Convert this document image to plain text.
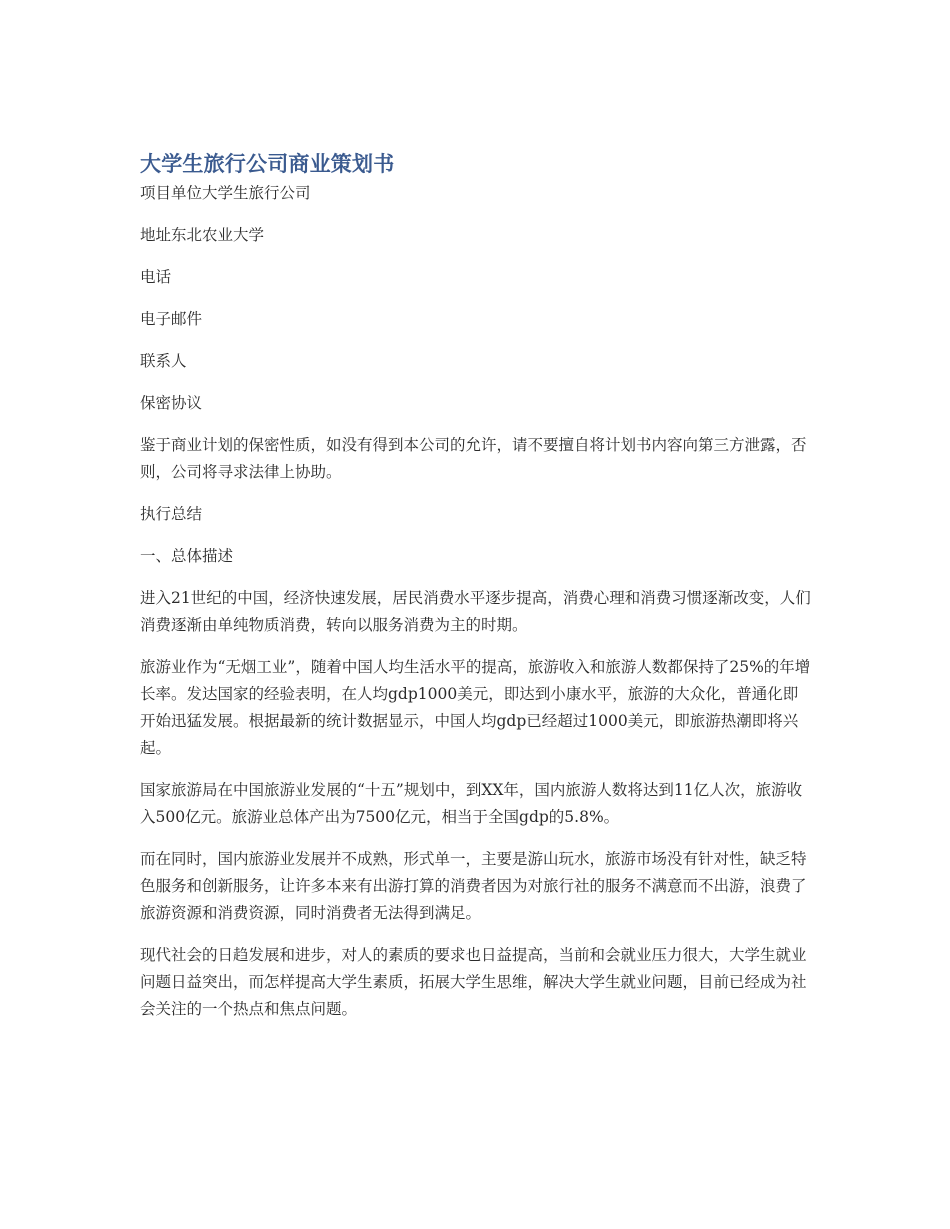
大学生旅行公司商业策划书

项目单位大学生旅行公司

地址东北农业大学

电话

电子邮件

联系人

保密协议

鉴于商业计划的保密性质，如没有得到本公司的允许，请不要擅自将计划书内容向第三方泄露，否则，公司将寻求法律上协助。

执行总结

一、总体描述

进入21世纪的中国，经济快速发展，居民消费水平逐步提高，消费心理和消费习惯逐渐改变，人们消费逐渐由单纯物质消费，转向以服务消费为主的时期。

旅游业作为“无烟工业”，随着中国人均生活水平的提高，旅游收入和旅游人数都保持了25%的年增长率。发达国家的经验表明，在人均gdp1000美元，即达到小康水平，旅游的大众化，普通化即开始迅猛发展。根据最新的统计数据显示，中国人均gdp已经超过1000美元，即旅游热潮即将兴起。

国家旅游局在中国旅游业发展的“十五”规划中，到XX年，国内旅游人数将达到11亿人次，旅游收入500亿元。旅游业总体产出为7500亿元，相当于全国gdp的5.8%。

而在同时，国内旅游业发展并不成熟，形式单一，主要是游山玩水，旅游市场没有针对性，缺乏特色服务和创新服务，让许多本来有出游打算的消费者因为对旅行社的服务不满意而不出游，浪费了旅游资源和消费资源，同时消费者无法得到满足。

现代社会的日趋发展和进步，对人的素质的要求也日益提高，当前和会就业压力很大，大学生就业问题日益突出，而怎样提高大学生素质，拓展大学生思维，解决大学生就业问题，目前已经成为社会关注的一个热点和焦点问题。
